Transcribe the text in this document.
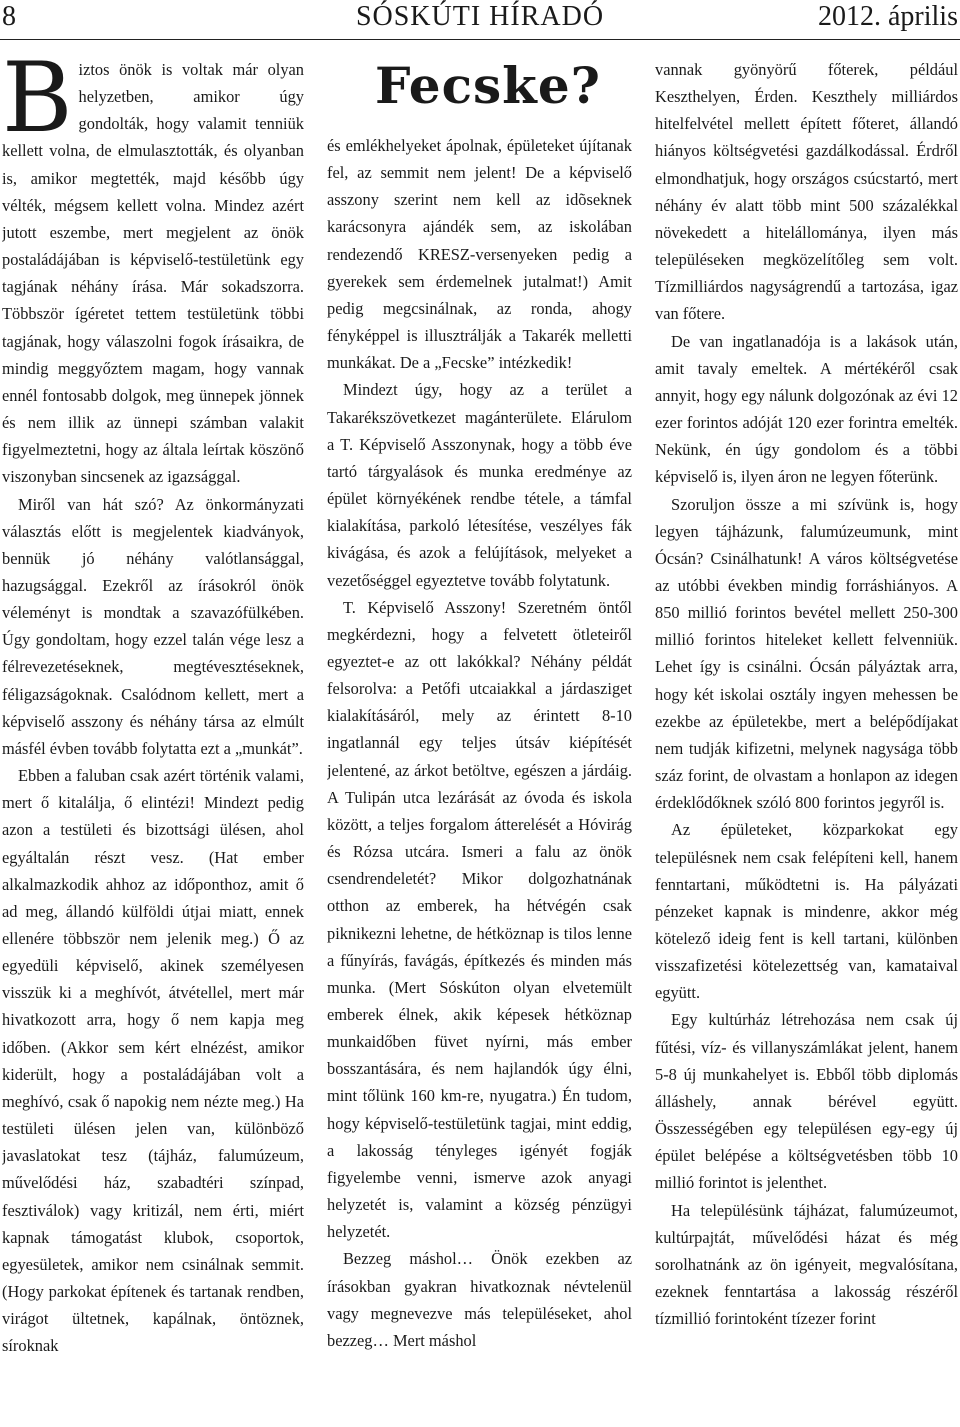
8	SÓSKÚTI HÍRADÓ	2012. április

Biztos önök is voltak már olyan helyzetben, amikor úgy gondolták, hogy valamit tenniük kellett volna, de elmulasztották, és olyanban is, amikor megtették, majd később úgy vélték, mégsem kellett volna. Mindez azért jutott eszembe, mert megjelent az önök postaládájában is képviselő-testületünk egy tagjának néhány írása. Már sokadszorra. Többször ígéretet tettem testületünk többi tagjának, hogy válaszolni fogok írásaikra, de mindig meggyőztem magam, hogy vannak ennél fontosabb dolgok, meg ünnepek jönnek és nem illik az ünnepi számban valakit figyelmeztetni, hogy az általa leírtak köszönő viszonyban sincsenek az igazsággal.

Miről van hát szó? Az önkormányzati választás előtt is megjelentek kiadványok, bennük jó néhány valótlansággal, hazugsággal. Ezekről az írásokról önök véleményt is mondtak a szavazófülkében. Úgy gondoltam, hogy ezzel talán vége lesz a félrevezetéseknek, megtévesztéseknek, féligazságoknak. Csalódnom kellett, mert a képviselő asszony és néhány társa az elmúlt másfél évben tovább folytatta ezt a „munkát”.

Ebben a faluban csak azért történik valami, mert ő kitalálja, ő elintézi! Mindezt pedig azon a testületi és bizottsági ülésen, ahol egyáltalán részt vesz. (Hat ember alkalmazkodik ahhoz az időponthoz, amit ő ad meg, állandó külföldi útjai miatt, ennek ellenére többször nem jelenik meg.) Ő az egyedüli képviselő, akinek személyesen visszük ki a meghívót, átvétellel, mert már hivatkozott arra, hogy ő nem kapja meg időben. (Akkor sem kért elnézést, amikor kiderült, hogy a postaládájában volt a meghívó, csak ő napokig nem nézte meg.) Ha testületi ülésen jelen van, különböző javaslatokat tesz (tájház, falumúzeum, művelődési ház, szabadtéri színpad, fesztiválok) vagy kritizál, nem érti, miért kapnak támogatást klubok, csoportok, egyesületek, amikor nem csinálnak semmit. (Hogy parkokat építenek és tartanak rendben, virágot ültetnek, kapálnak, öntöznek, síroknak

Fecske?

és emlékhelyeket ápolnak, épületeket újítanak fel, az semmit nem jelent! De a képviselő asszony szerint nem kell az idõseknek karácsonyra ajándék sem, az iskolában rendezendő KRESZ-versenyeken pedig a gyerekek sem érdemelnek jutalmat!) Amit pedig megcsinálnak, az ronda, ahogy fényképpel is illusztrálják a Takarék melletti munkákat. De a „Fecske” intézkedik!

Mindezt úgy, hogy az a terület a Takarékszövetkezet magánterülete. Elárulom a T. Képviselő Asszonynak, hogy a több éve tartó tárgyalások és munka eredménye az épület környékének rendbe tétele, a támfal kialakítása, parkoló létesítése, veszélyes fák kivágása, és azok a felújítások, melyeket a vezetőséggel egyeztetve tovább folytatunk.

T. Képviselő Asszony! Szeretném öntől megkérdezni, hogy a felvetett ötleteiről egyeztet-e az ott lakókkal? Néhány példát felsorolva: a Petőfi utcaiakkal a járdasziget kialakításáról, mely az érintett 8-10 ingatlannál egy teljes útsáv kiépítését jelentené, az árkot betöltve, egészen a járdáig. A Tulipán utca lezárását az óvoda és iskola között, a teljes forgalom átterelését a Hóvirág és Rózsa utcára. Ismeri a falu az önök csendrendeletét? Mikor dolgozhatnának otthon az emberek, ha hétvégén csak piknikezni lehetne, de hétköznap is tilos lenne a fűnyírás, favágás, építkezés és minden más munka. (Mert Sóskúton olyan elvetemült emberek élnek, akik képesek hétköznap munkaidőben füvet nyírni, más ember bosszantására, és nem hajlandók úgy élni, mint tőlünk 160 km-re, nyugatra.) Én tudom, hogy képviselő-testületünk tagjai, mint eddig, a lakosság tényleges igényét fogják figyelembe venni, ismerve azok anyagi helyzetét is, valamint a község pénzügyi helyzetét.

Bezzeg máshol… Önök ezekben az írásokban gyakran hivatkoznak névtelenül vagy megnevezve más településeket, ahol bezzeg… Mert máshol

vannak gyönyörű főterek, például Keszthelyen, Érden. Keszthely milliárdos hitelfelvétel mellett épített főteret, állandó hiányos költségvetési gazdálkodással. Érdről elmondhatjuk, hogy országos csúcstartó, mert néhány év alatt több mint 500 százalékkal növekedett a hitelállománya, ilyen más településeken megközelítőleg sem volt. Tízmilliárdos nagyságrendű a tartozása, igaz van főtere.

De van ingatlanadója is a lakások után, amit tavaly emeltek. A mértékéről csak annyit, hogy egy nálunk dolgozónak az évi 12 ezer forintos adóját 120 ezer forintra emelték. Nekünk, én úgy gondolom és a többi képviselő is, ilyen áron ne legyen főterünk.

Szoruljon össze a mi szívünk is, hogy legyen tájházunk, falumúzeumunk, mint Ócsán? Csinálhatunk! A város költségvetése az utóbbi években mindig forráshiányos. A 850 millió forintos bevétel mellett 250-300 millió forintos hiteleket kellett felvenniük. Lehet így is csinálni. Ócsán pályáztak arra, hogy két iskolai osztály ingyen mehessen be ezekbe az épületekbe, mert a belépődíjakat nem tudják kifizetni, melynek nagysága több száz forint, de olvastam a honlapon az idegen érdeklődőknek szóló 800 forintos jegyről is.

Az épületeket, közparkokat egy településnek nem csak felépíteni kell, hanem fenntartani, működtetni is. Ha pályázati pénzeket kapnak is mindenre, akkor még kötelező ideig fent is kell tartani, különben visszafizetési kötelezettség van, kamataival együtt.

Egy kultúrház létrehozása nem csak új fűtési, víz- és villanyszámlákat jelent, hanem 5-8 új munkahelyet is. Ebből több diplomás álláshely, annak bérével együtt. Összességében egy településen egy-egy új épület belépése a költségvetésben több 10 millió forintot is jelenthet.

Ha településünk tájházat, falumúzeumot, kultúrpajtát, művelődési házat és még sorolhatnánk az ön igényeit, megvalósítana, ezeknek fenntartása a lakosság részéről tízmillió forintoként tízezer forint
